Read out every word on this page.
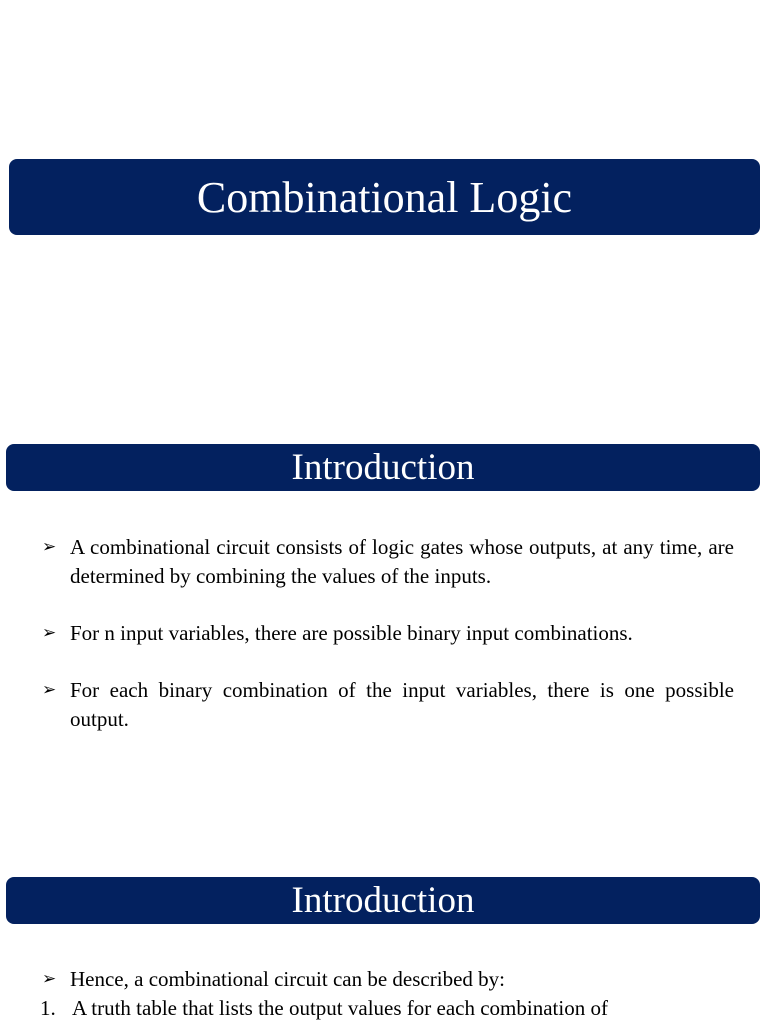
Combinational Logic
Introduction
➢ A combinational circuit consists of logic gates whose outputs, at any time, are determined by combining the values of the inputs.
➢ For n input variables, there are possible binary input combinations.
➢ For each binary combination of the input variables, there is one possible output.
Introduction
➢ Hence, a combinational circuit can be described by:
1. A truth table that lists the output values for each combination of
